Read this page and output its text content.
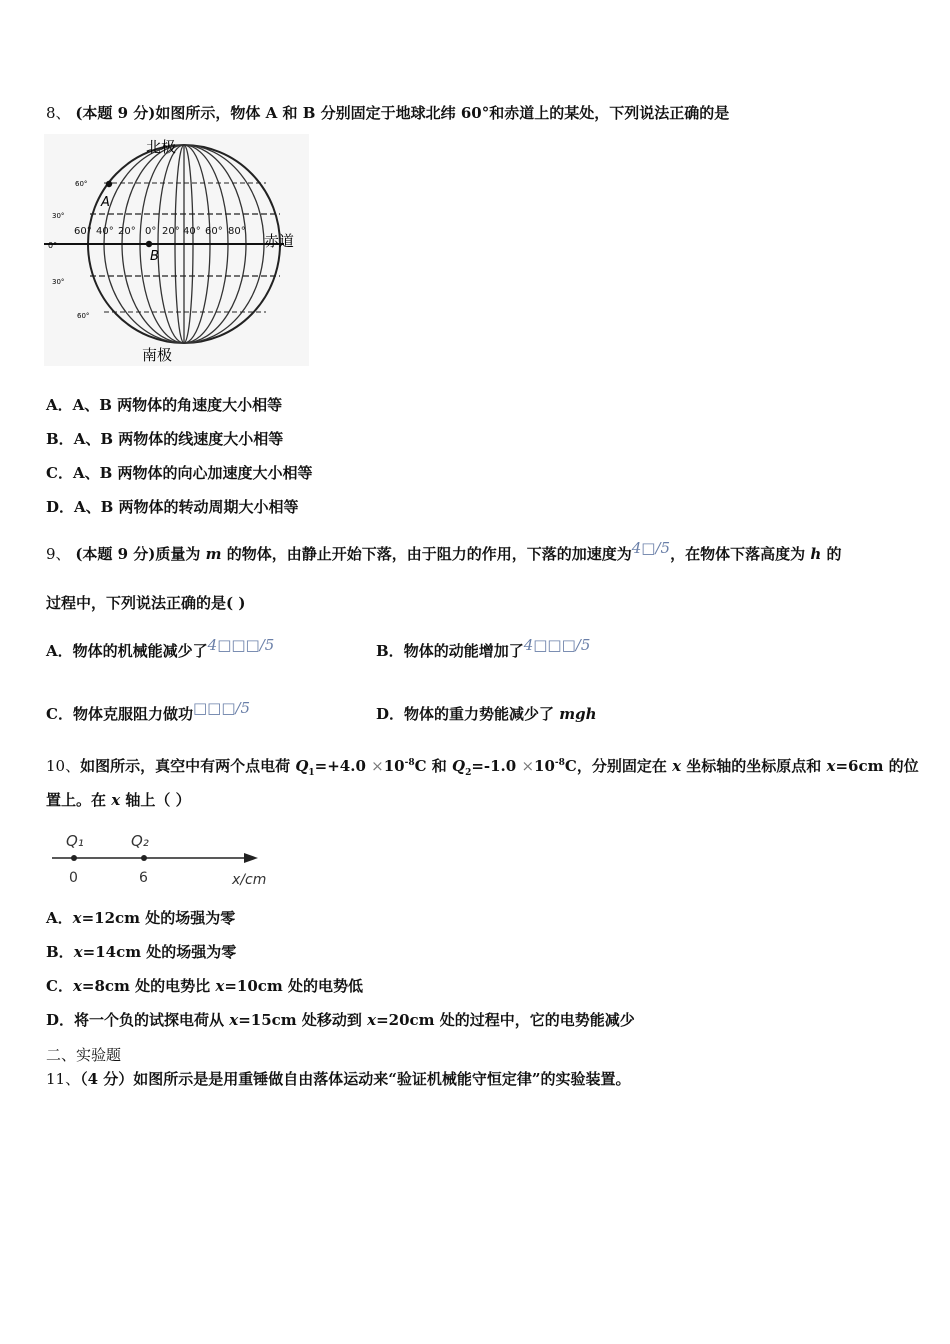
8、 (本题 9 分)如图所示，物体 A 和 B 分别固定于地球北纬 60°和赤道上的某处，下列说法正确的是
北极
南极
赤道
60°
30°
0°
30°
60°
60° 40° 20° 0° 20° 40° 60° 80°
A
B
A．A、B 两物体的角速度大小相等
B．A、B 两物体的线速度大小相等
C．A、B 两物体的向心加速度大小相等
D．A、B 两物体的转动周期大小相等
9、 (本题 9 分)质量为 m 的物体，由静止开始下落，由于阻力的作用，下落的加速度为4□/5，在物体下落高度为 h 的
过程中，下列说法正确的是( )
A．物体的机械能减少了4□□□/5	B．物体的动能增加了4□□□/5
C．物体克服阻力做功□□□/5	D．物体的重力势能减少了 mgh
10、如图所示，真空中有两个点电荷 $Q_1=+4.0 \times 10^{-8}C$ 和 $Q_2=-1.0 \times 10^{-8}C$，分别固定在 x 坐标轴的坐标原点和 x=6cm 的位
置上。在 x 轴上（ ）
Q₁	Q₂
0	6	x/cm
A．x=12cm 处的场强为零
B．x=14cm 处的场强为零
C．x=8cm 处的电势比 x=10cm 处的电势低
D．将一个负的试探电荷从 x=15cm 处移动到 x=20cm 处的过程中，它的电势能减少
二、实验题
11、（4 分）如图所示是是用重锤做自由落体运动来“验证机械能守恒定律”的实验装置。
